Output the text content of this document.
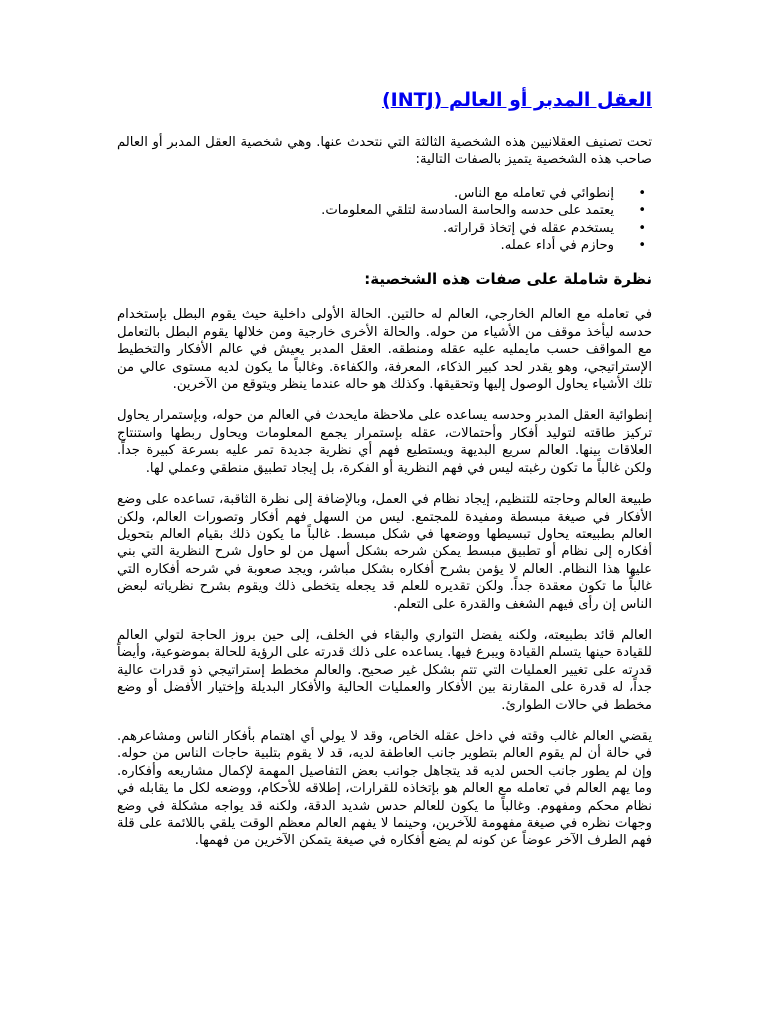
العقل المدبر أو العالم (INTJ)

تحت تصنيف العقلانيين هذه الشخصية الثالثة التي نتحدث عنها. وهي شخصية العقل المدبر أو العالم صاحب هذه الشخصية يتميز بالصفات التالية:

• إنطوائي في تعامله مع الناس.
• يعتمد على حدسه والحاسة السادسة لتلقي المعلومات.
• يستخدم عقله في إتخاذ قراراته.
• وحازم في أداء عمله.
نظرة شاملة على صفات هذه الشخصية:

في تعامله مع العالم الخارجي، العالم له حالتين. الحالة الأولى داخلية حيث يقوم البطل بإستخدام حدسه ليأخذ موقف من الأشياء من حوله. والحالة الأخرى خارجية ومن خلالها يقوم البطل بالتعامل مع المواقف حسب مايمليه عليه عقله ومنطقه. العقل المدبر يعيش في عالم الأفكار والتخطيط الإستراتيجي، وهو يقدر لحد كبير الذكاء، المعرفة، والكفاءة. وغالباً ما يكون لديه مستوى عالي من تلك الأشياء يحاول الوصول إليها وتحقيقها. وكذلك هو حاله عندما ينظر ويتوقع من الآخرين.

إنطوائية العقل المدبر وحدسه يساعده على ملاحظة مايحدث في العالم من حوله، وبإستمرار يحاول تركيز طاقته لتوليد أفكار وأحتمالات، عقله بإستمرار يجمع المعلومات ويحاول ربطها واستنتاج العلاقات بينها. العالم سريع البديهة ويستطيع فهم أي نظرية جديدة تمر عليه بسرعة كبيرة جداً. ولكن غالباً ما تكون رغبته ليس في فهم النظرية أو الفكرة، بل إيجاد تطبيق منطقي وعملي لها.

طبيعة العالم وحاجته للتنظيم، إيجاد نظام في العمل، وبالإضافة إلى نظرة الثاقبة، تساعده على وضع الأفكار في صيغة مبسطة ومفيدة للمجتمع. ليس من السهل فهم أفكار وتصورات العالم، ولكن العالم بطبيعته يحاول تبسيطها ووضعها في شكل مبسط. غالباً ما يكون ذلك بقيام العالم بتحويل أفكاره إلى نظام أو تطبيق مبسط يمكن شرحه بشكل أسهل من لو حاول شرح النظرية التي بني عليها هذا النظام. العالم لا يؤمن بشرح أفكاره بشكل مباشر، ويجد صعوبة في شرحه أفكاره التي غالباً ما تكون معقدة جداً. ولكن تقديره للعلم قد يجعله يتخطى ذلك ويقوم بشرح نظرياته لبعض الناس إن رأى فيهم الشغف والقدرة على التعلم.

العالم قائد بطبيعته، ولكنه يفضل التواري والبقاء في الخلف، إلى حين بروز الحاجة لتولي العالم للقيادة حينها يتسلم القيادة ويبرع فيها. يساعده على ذلك قدرته على الرؤية للحالة بموضوعية، وأيضاً قدرته على تغيير العمليات التي تتم بشكل غير صحيح. والعالم مخطط إستراتيجي ذو قدرات عالية جداً، له قدرة على المقارنة بين الأفكار والعمليات الحالية والأفكار البديلة وإختيار الأفضل أو وضع مخطط في حالات الطوارئ.

يقضي العالم غالب وقته في داخل عقله الخاص، وقد لا يولي أي اهتمام بأفكار الناس ومشاعرهم. في حالة أن لم يقوم العالم بتطوير جانب العاطفة لديه، قد لا يقوم بتلبية حاجات الناس من حوله. وإن لم يطور جانب الحس لديه قد يتجاهل جوانب بعض التفاصيل المهمة لإكمال مشاريعه وأفكاره. وما يهم العالم في تعامله مع العالم هو بإتخاذه للقرارات، إطلاقه للأحكام، ووضعه لكل ما يقابله في نظام محكم ومفهوم. وغالباً ما يكون للعالم حدس شديد الدقة، ولكنه قد يواجه مشكلة في وضع وجهات نظره في صيغة مفهومة للآخرين، وحينما لا يفهم العالم معظم الوقت يلقي باللائمة على قلة فهم الطرف الآخر عوضاً عن كونه لم يضع أفكاره في صيغة يتمكن الآخرين من فهمها.
